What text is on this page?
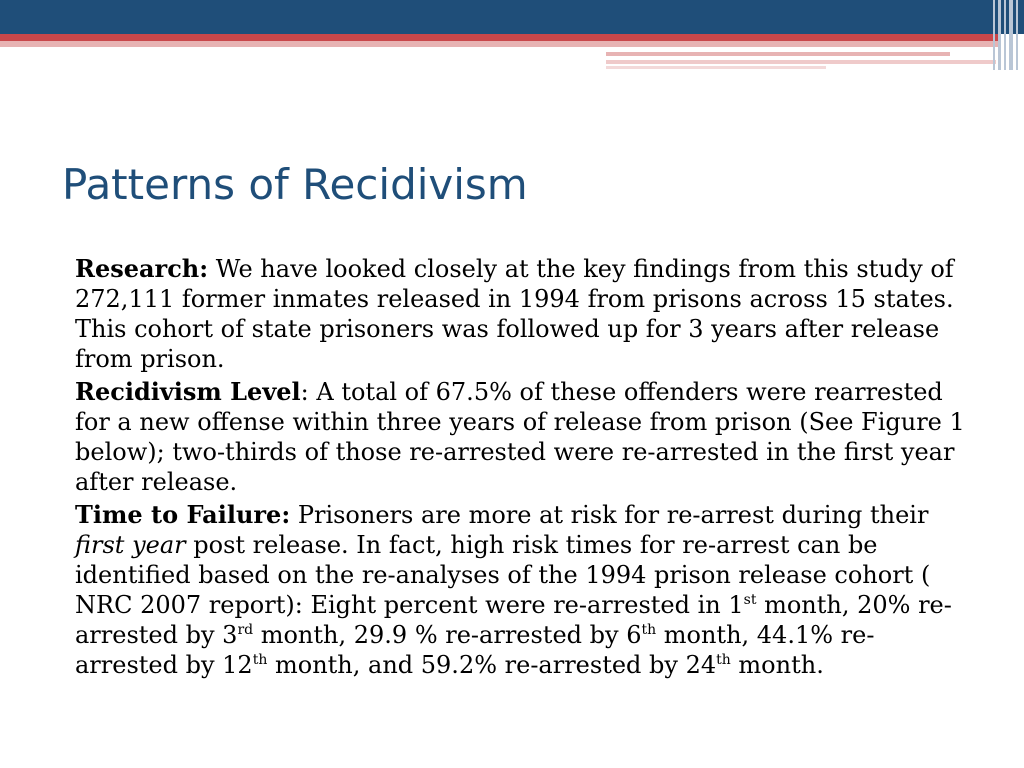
Patterns of Recidivism

Research: We have looked closely at the key findings from this study of 272,111 former inmates released in 1994 from prisons across 15 states. This cohort of state prisoners was followed up for 3 years after release from prison.

Recidivism Level: A total of 67.5% of these offenders were rearrested for a new offense within three years of release from prison (See Figure 1 below); two-thirds of those re-arrested were re-arrested in the first year after release.

Time to Failure: Prisoners are more at risk for re-arrest during their first year post release. In fact, high risk times for re-arrest can be identified based on the re-analyses of the 1994 prison release cohort ( NRC 2007 report): Eight percent were re-arrested in 1st month, 20% re-arrested by 3rd month, 29.9 % re-arrested by 6th month, 44.1% re-arrested by 12th month, and 59.2% re-arrested by 24th month.
